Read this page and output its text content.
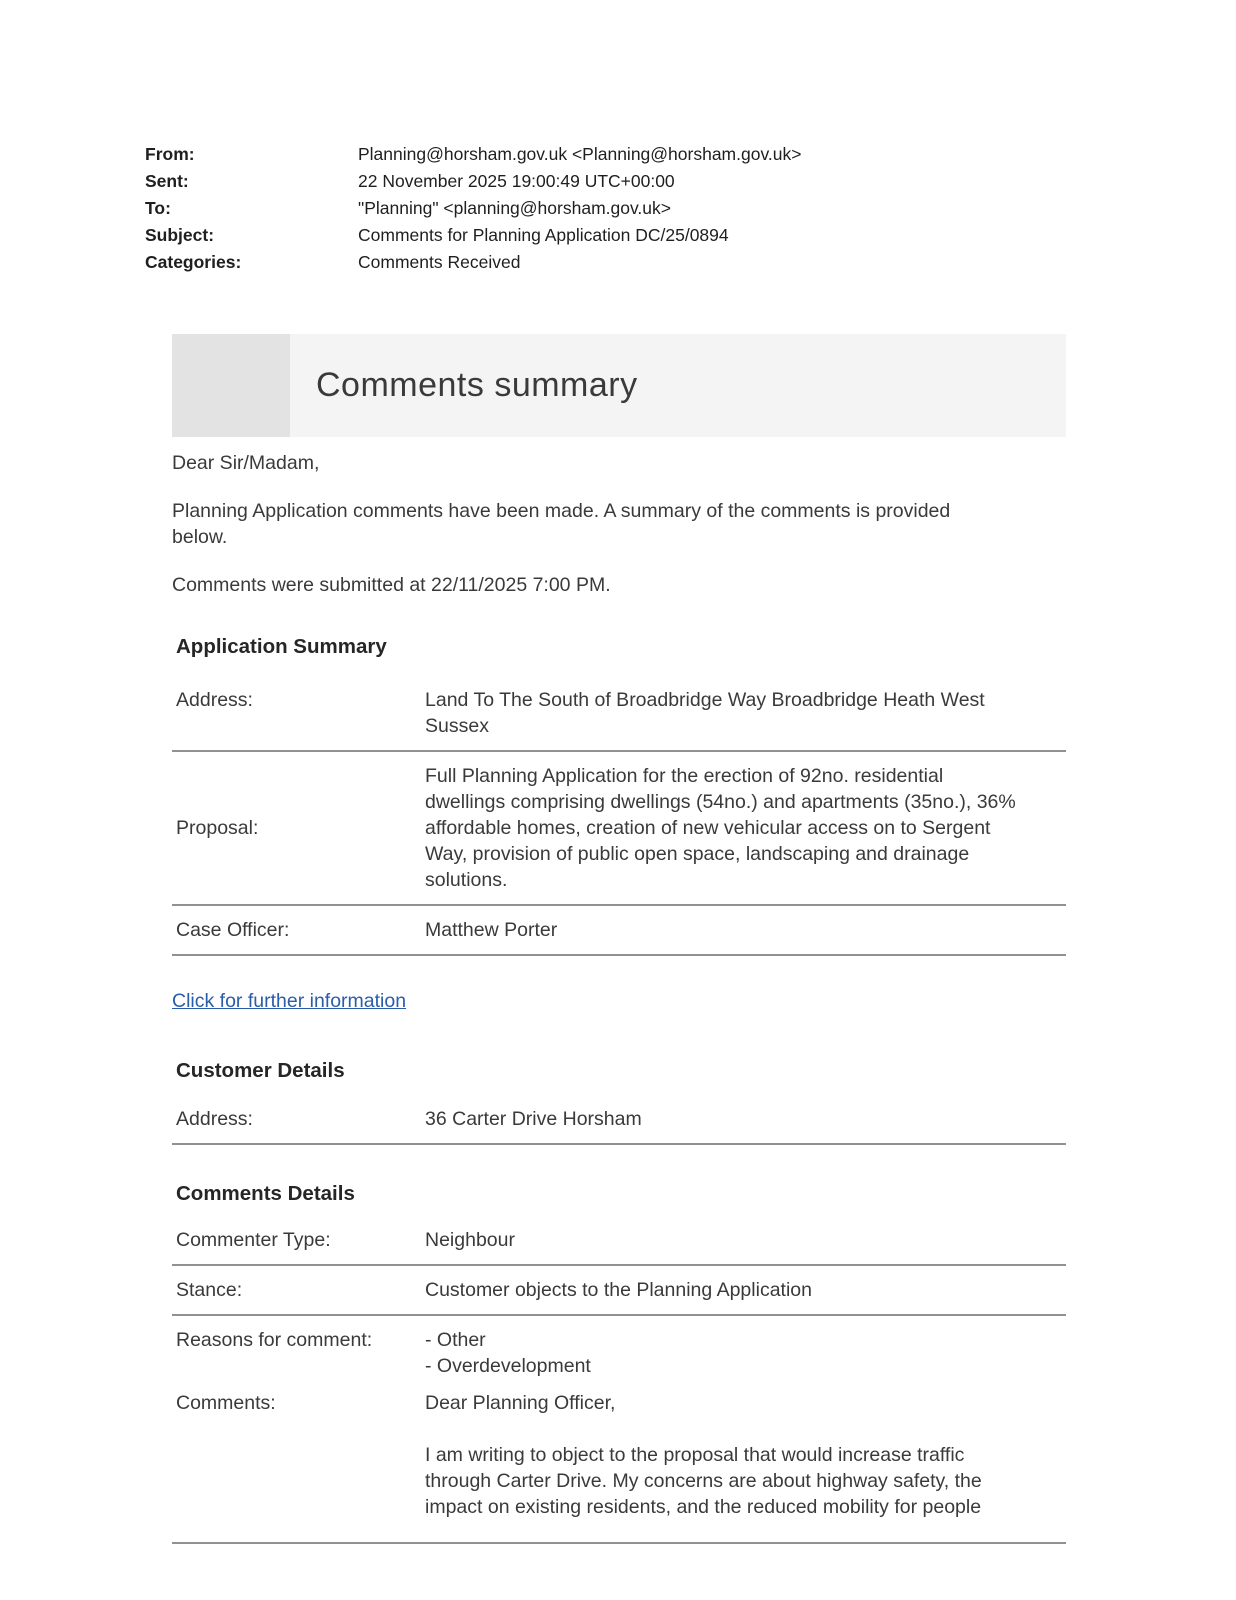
From:	Planning@horsham.gov.uk <Planning@horsham.gov.uk>
Sent:	22 November 2025 19:00:49 UTC+00:00
To:	"Planning" <planning@horsham.gov.uk>
Subject:	Comments for Planning Application DC/25/0894
Categories:	Comments Received
Comments summary

Dear Sir/Madam,

Planning Application comments have been made. A summary of the comments is provided below.

Comments were submitted at 22/11/2025 7:00 PM.

Application Summary
Address:	Land To The South of Broadbridge Way Broadbridge Heath West Sussex
Proposal:
Full Planning Application for the erection of 92no. residential dwellings comprising dwellings (54no.) and apartments (35no.), 36% affordable homes, creation of new vehicular access on to Sergent Way, provision of public open space, landscaping and drainage solutions.
Case Officer:	Matthew Porter
Click for further information
Customer Details
Address:	36 Carter Drive Horsham
Comments Details
Commenter Type:	Neighbour
Stance:	Customer objects to the Planning Application
Reasons for comment:	- Other
- Overdevelopment
Comments:	Dear Planning Officer,

I am writing to object to the proposal that would increase traffic through Carter Drive. My concerns are about highway safety, the impact on existing residents, and the reduced mobility for people
